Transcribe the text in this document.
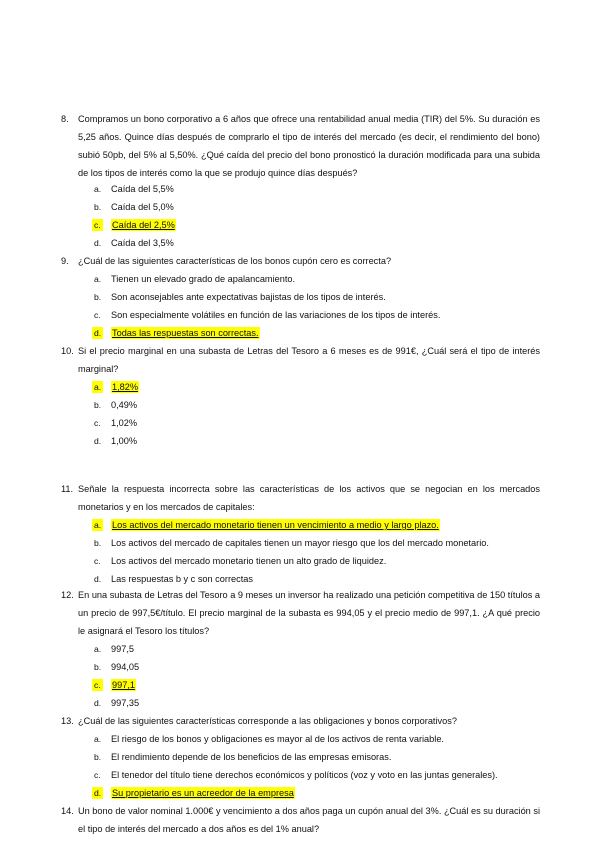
8. Compramos un bono corporativo a 6 años que ofrece una rentabilidad anual media (TIR) del 5%. Su duración es
5,25 años. Quince días después de comprarlo el tipo de interés del mercado (es decir, el rendimiento del bono)
subió 50pb, del 5% al 5,50%. ¿Qué caída del precio del bono pronosticó la duración modificada para una subida
de los tipos de interés como la que se produjo quince días después?
a. Caída del 5,5%
b. Caída del 5,0%
c. Caída del 2,5%
d. Caída del 3,5%
9. ¿Cuál de las siguientes características de los bonos cupón cero es correcta?
a. Tienen un elevado grado de apalancamiento.
b. Son aconsejables ante expectativas bajistas de los tipos de interés.
c. Son especialmente volátiles en función de las variaciones de los tipos de interés.
d. Todas las respuestas son correctas.
10. Si el precio marginal en una subasta de Letras del Tesoro a 6 meses es de 991€, ¿Cuál será el tipo de interés
marginal?
a. 1,82%
b. 0,49%
c. 1,02%
d. 1,00%
11. Señale la respuesta incorrecta sobre las características de los activos que se negocian en los mercados
monetarios y en los mercados de capitales:
a. Los activos del mercado monetario tienen un vencimiento a medio y largo plazo.
b. Los activos del mercado de capitales tienen un mayor riesgo que los del mercado monetario.
c. Los activos del mercado monetario tienen un alto grado de liquidez.
d. Las respuestas b y c son correctas
12. En una subasta de Letras del Tesoro a 9 meses un inversor ha realizado una petición competitiva de 150 títulos a
un precio de 997,5€/título. El precio marginal de la subasta es 994,05 y el precio medio de 997,1. ¿A qué precio
le asignará el Tesoro los títulos?
a. 997,5
b. 994,05
c. 997,1
d. 997,35
13. ¿Cuál de las siguientes características corresponde a las obligaciones y bonos corporativos?
a. El riesgo de los bonos y obligaciones es mayor al de los activos de renta variable.
b. El rendimiento depende de los beneficios de las empresas emisoras.
c. El tenedor del título tiene derechos económicos y políticos (voz y voto en las juntas generales).
d. Su propietario es un acreedor de la empresa
14. Un bono de valor nominal 1.000€ y vencimiento a dos años paga un cupón anual del 3%. ¿Cuál es su duración si
el tipo de interés del mercado a dos años es del 1% anual?
